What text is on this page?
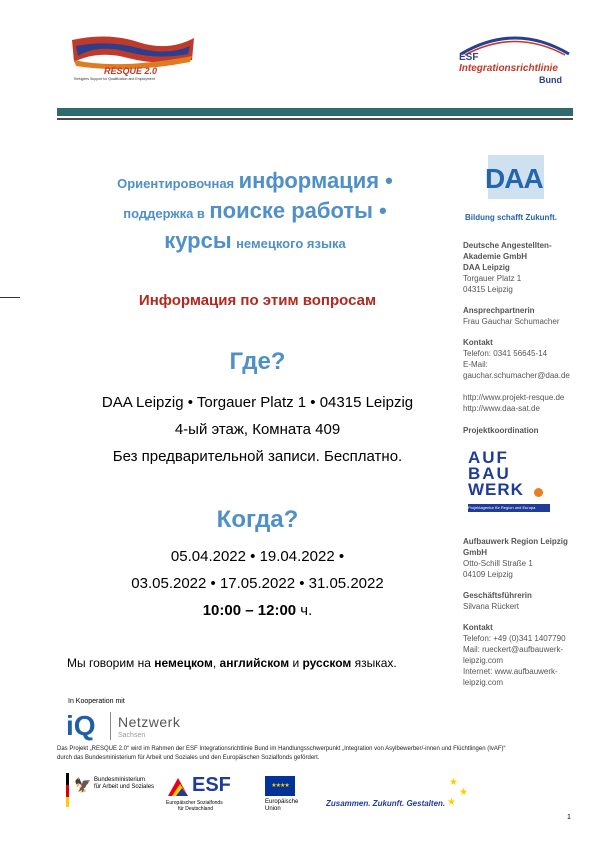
RESQUE 2.0
Refugees Support for Qualification and Employment
ESF
Integrationsrichtlinie
Bund
Ориентировочная информация •
поддержка в поиске работы •
курсы немецкого языка
Информация по этим вопросам
Где?
DAA Leipzig • Torgauer Platz 1 • 04315 Leipzig
4-ый этаж, Комната 409
Без предварительной записи. Бесплатно.
Когда?
05.04.2022 • 19.04.2022 •
03.05.2022 • 17.05.2022 • 31.05.2022
10:00 – 12:00 ч.
Мы говорим на немецком, английском и русском языках.
In Kooperation mit
iQ Netzwerk
Sachsen
Das Projekt „RESQUE 2.0“ wird im Rahmen der ESF Integrationsrichtlinie Bund im Handlungsschwerpunkt „Integration von Asylbewerber/-innen und Flüchtlingen (IvAF)“
durch das Bundesministerium für Arbeit und Soziales und den Europäischen Sozialfonds gefördert.
🦅 Bundesministerium
für Arbeit und Soziales ESF
Europäischer Sozialfonds
für Deutschland
★★★★
Europäische
Union
Zusammen. Zukunft. Gestalten.
★
★
★
1
DAA
Bildung schafft Zukunft.
Deutsche Angestellten-
Akademie GmbH
DAA Leipzig
Torgauer Platz 1
04315 Leipzig
Ansprechpartnerin
Frau Gauchar Schumacher
Kontakt
Telefon: 0341 56645-14
E-Mail:
gauchar.schumacher@daa.de
http://www.projekt-resque.de
http://www.daa-sat.de
Projektkoordination
AUF
BAU
WERK
Projektagentur für Region und Europa
Aufbauwerk Region Leipzig
GmbH
Otto-Schill Straße 1
04109 Leipzig
Geschäftsführerin
Silvana Rückert
Kontakt
Telefon: +49 (0)341 1407790
Mail: rueckert@aufbauwerk-
leipzig.com
Internet: www.aufbauwerk-
leipzig.com
